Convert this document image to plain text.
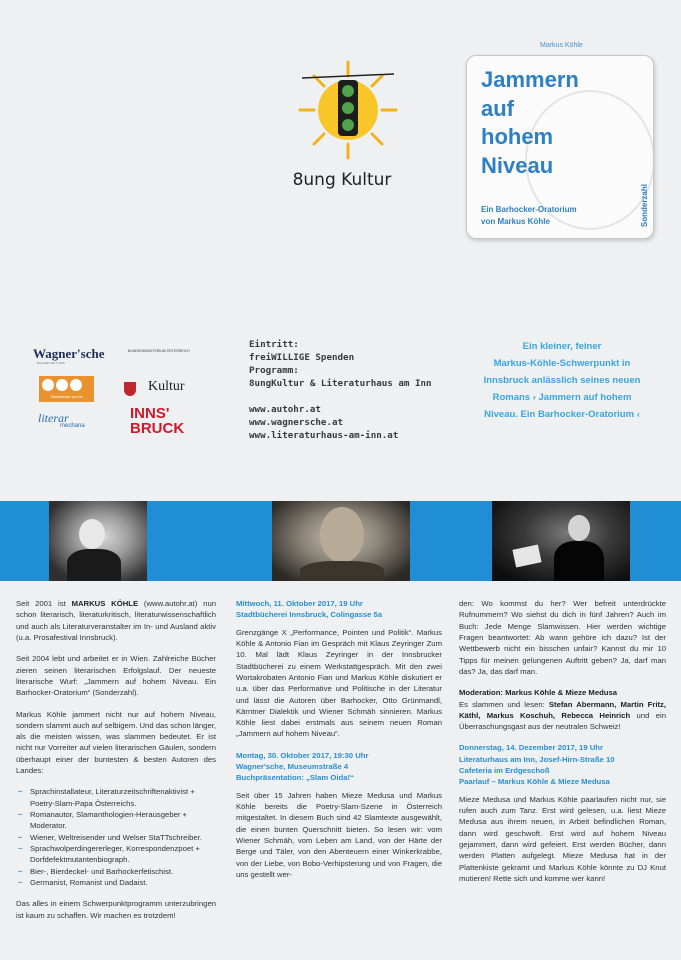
8ung Kultur
Markus Köhle
Jammern
auf
hohem
Niveau
Ein Barhocker-Oratorium
von Markus Köhle	Sonderzahl
Wagner'sche
BÜCHER SEIT 1639
BUNDESMINISTERIUM ÖSTERREICH
Literaturhaus am Inn
Kultur
literar
mechana
INNS' BRUCK
Eintritt:
freiWILLIGE Spenden
Programm:
8ungKultur & Literaturhaus am Inn
www.autohr.at
www.wagnersche.at
www.literaturhaus-am-inn.at
Ein kleiner, feiner
Markus-Köhle-Schwerpunkt in
Innsbruck anlässlich seines neuen
Romans › Jammern auf hohem
Niveau. Ein Barhocker-Oratorium ‹

Seit 2001 ist MARKUS KÖHLE (www.autohr.at) nun schon literarisch, literaturkritisch, literaturwissenschaftlich und auch als Literaturveranstalter im In- und Ausland aktiv (u.a. Prosafestival Innsbruck).

Seit 2004 lebt und arbeitet er in Wien. Zahlreiche Bücher zieren seinen literarischen Erfolgslauf. Der neueste literarische Wurf: „Jammern auf hohem Niveau. Ein Barhocker-Oratorium“ (Sonderzahl).

Markus Köhle jammert nicht nur auf hohem Niveau, sondern slammt auch auf selbigem. Und das schon länger, als die meisten wissen, was slammen bedeutet. Er ist nicht nur Vorreiter auf vielen literarischen Gäulen, sondern überhaupt einer der buntesten & besten Autoren des Landes:

~ Sprachinstallateur, Literaturzeitschriftenaktivist + Poetry-Slam-Papa Österreichs.
~ Romanautor, Slamanthologien-Herausgeber + Moderator.
~ Wiener, Weltreisender und Welser StaTTschreiber.
~ Sprachwolperdingererleger, Korrespondenzpoet + Dorfdefektmutantenbiograph.
~ Bier-, Bierdeckel- und Barhockerfetischist.
~ Germanist, Romanist und Dadaist.

Das alles in einem Schwerpunktprogramm unterzubringen ist kaum zu schaffen. Wir machen es trotzdem!

Mittwoch, 11. Oktober 2017, 19 Uhr
Stadtbücherei Innsbruck, Colingasse 5a

Grenzgänge X „Performance, Pointen und Politik“. Markus Köhle & Antonio Fian im Gespräch mit Klaus Zeyringer Zum 10. Mal lädt Klaus Zeyringer in der Innsbrucker Stadtbücherei zu einem Werkstattgespräch. Mit den zwei Wortakrobaten Antonio Fian und Markus Köhle diskutiert er u.a. über das Performative und Politische in der Literatur und lässt die Autoren über Barhocker, Otto Grünmandl, Kärntner Dialektik und Wiener Schmäh sinnieren. Markus Köhle liest dabei erstmals aus seinem neuen Roman „Jammern auf hohem Niveau“.

Montag, 30. Oktober 2017, 19:30 Uhr
Wagner'sche, Museumstraße 4
Buchpräsentation: „Slam Oida!“

Seit über 15 Jahren haben Mieze Medusa und Markus Köhle bereits die Poetry-Slam-Szene in Österreich mitgestaltet. In diesem Buch sind 42 Slamtexte ausgewählt, die einen bunten Querschnitt bieten. So lesen wir: vom Wiener Schmäh, vom Leben am Land, von der Härte der Berge und Täler, von den Abenteuern einer Winkerkrabbe, von der Liebe, von Bobo-Verhipsterung und von Fragen, die uns gestellt wer-

den: Wo kommst du her? Wer befreit unterdrückte Rufnummern? Wo siehst du dich in fünf Jahren? Auch im Buch: Jede Menge Slamwissen. Hier werden wichtige Fragen beantwortet: Ab wann gehöre ich dazu? Ist der Wettbewerb nicht ein bisschen unfair? Kannst du mir 10 Tipps für meinen gelungenen Auftritt geben? Ja, darf man das? Ja, das darf man.

Moderation: Markus Köhle & Mieze Medusa
Es slammen und lesen: Stefan Abermann, Martin Fritz, Käthl, Markus Koschuh, Rebecca Heinrich und ein Überraschungsgast aus der neutralen Schweiz!

Donnerstag, 14. Dezember 2017, 19 Uhr
Literaturhaus am Inn, Josef-Hirn-Straße 10
Cafeteria im Erdgeschoß
Paarlauf – Markus Köhle & Mieze Medusa

Mieze Medusa und Markus Köhle paarlaufen nicht nur, sie rufen auch zum Tanz. Erst wird gelesen, u.a. liest Mieze Medusa aus ihrem neuen, in Arbeit befindlichen Roman, dann wird geschwoft. Erst wird auf hohem Niveau gejammert, dann wird gefeiert. Erst werden Bücher, dann werden Platten aufgelegt. Mieze Medusa hat in der Plattenkiste gekramt und Markus Köhle könnte zu DJ Knut mutieren! Rette sich und komme wer kann!
